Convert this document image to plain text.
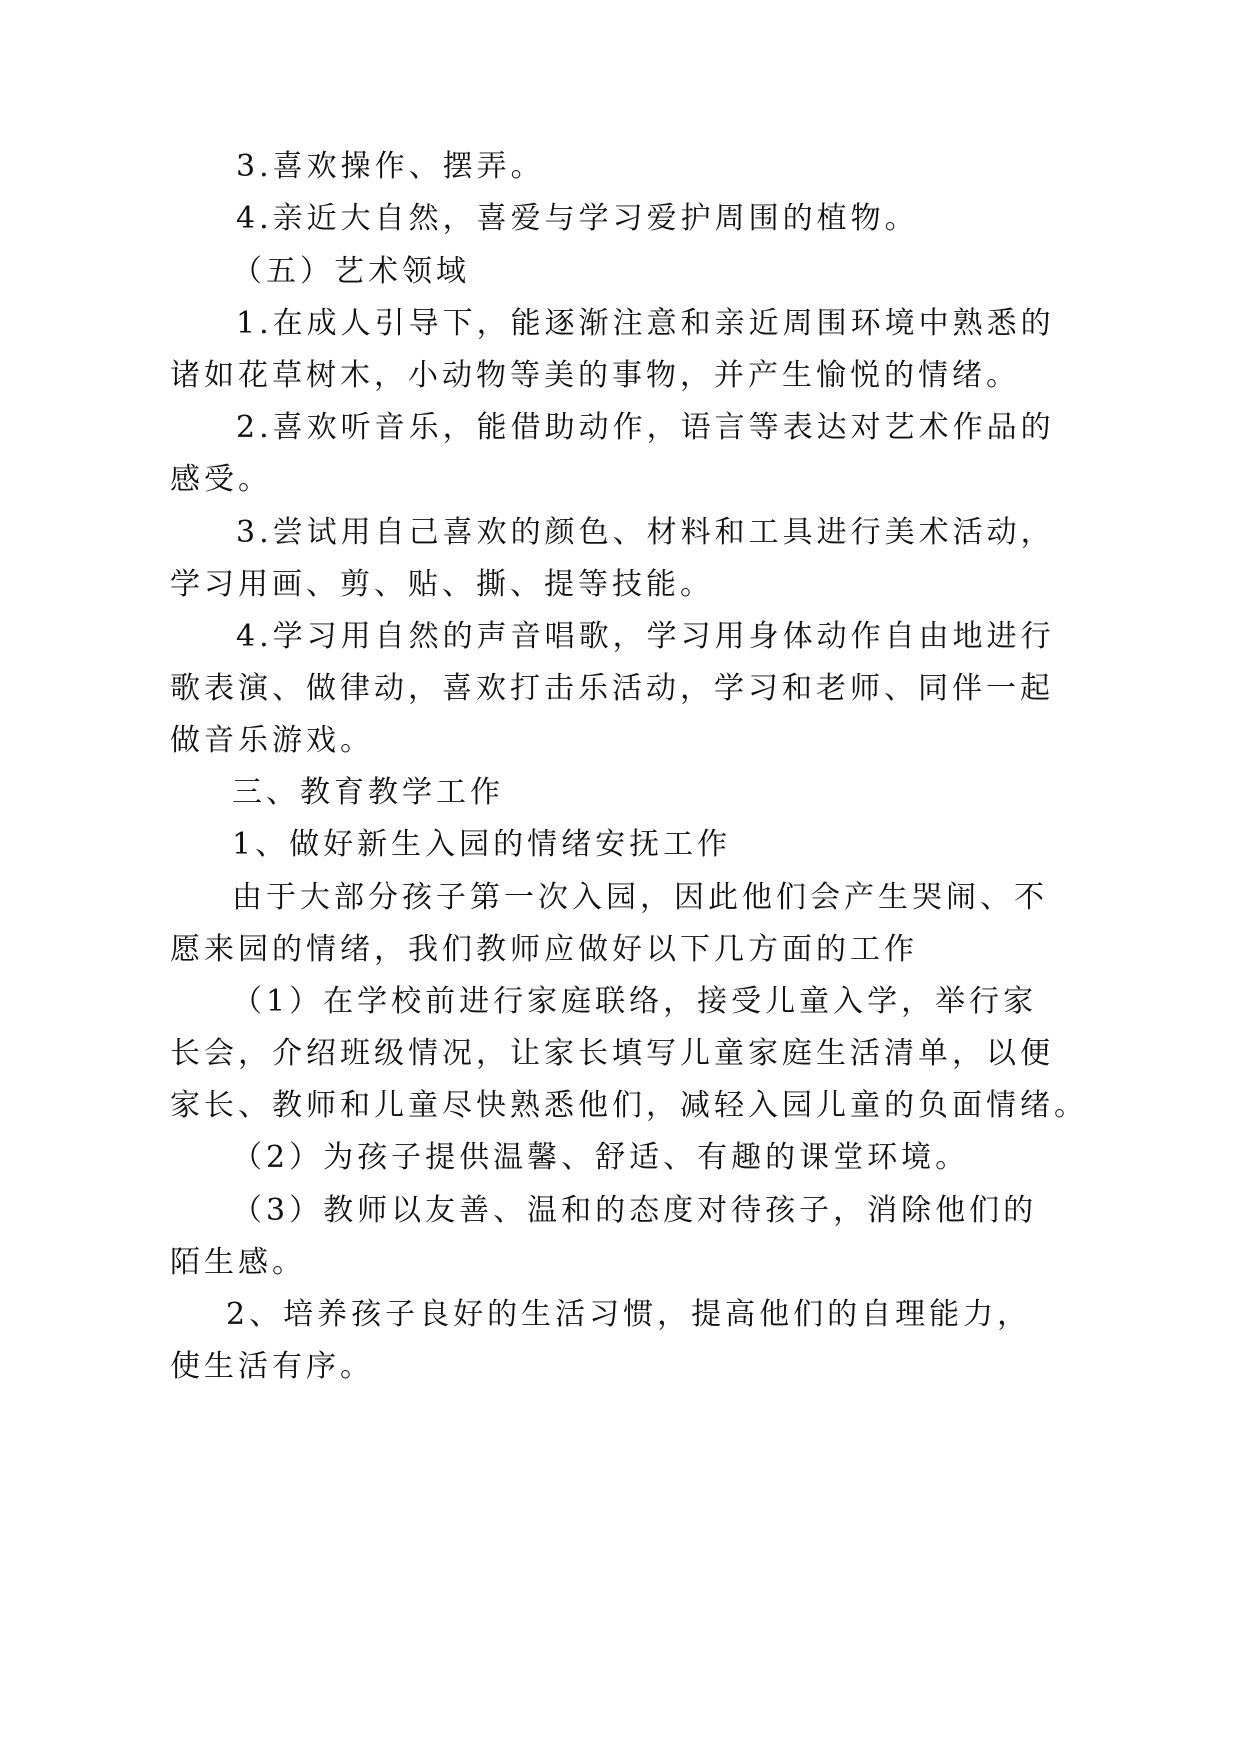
3.喜欢操作、摆弄。
4.亲近大自然，喜爱与学习爱护周围的植物。
（五）艺术领域
1.在成人引导下，能逐渐注意和亲近周围环境中熟悉的
诸如花草树木，小动物等美的事物，并产生愉悦的情绪。
2.喜欢听音乐，能借助动作，语言等表达对艺术作品的
感受。
3.尝试用自己喜欢的颜色、材料和工具进行美术活动，
学习用画、剪、贴、撕、提等技能。
4.学习用自然的声音唱歌，学习用身体动作自由地进行
歌表演、做律动，喜欢打击乐活动，学习和老师、同伴一起
做音乐游戏。
三、教育教学工作
1、做好新生入园的情绪安抚工作
由于大部分孩子第一次入园，因此他们会产生哭闹、不
愿来园的情绪，我们教师应做好以下几方面的工作
（1）在学校前进行家庭联络，接受儿童入学，举行家
长会，介绍班级情况，让家长填写儿童家庭生活清单，以便
家长、教师和儿童尽快熟悉他们，减轻入园儿童的负面情绪。
（2）为孩子提供温馨、舒适、有趣的课堂环境。
（3）教师以友善、温和的态度对待孩子，消除他们的
陌生感。
2、培养孩子良好的生活习惯，提高他们的自理能力，
使生活有序。
